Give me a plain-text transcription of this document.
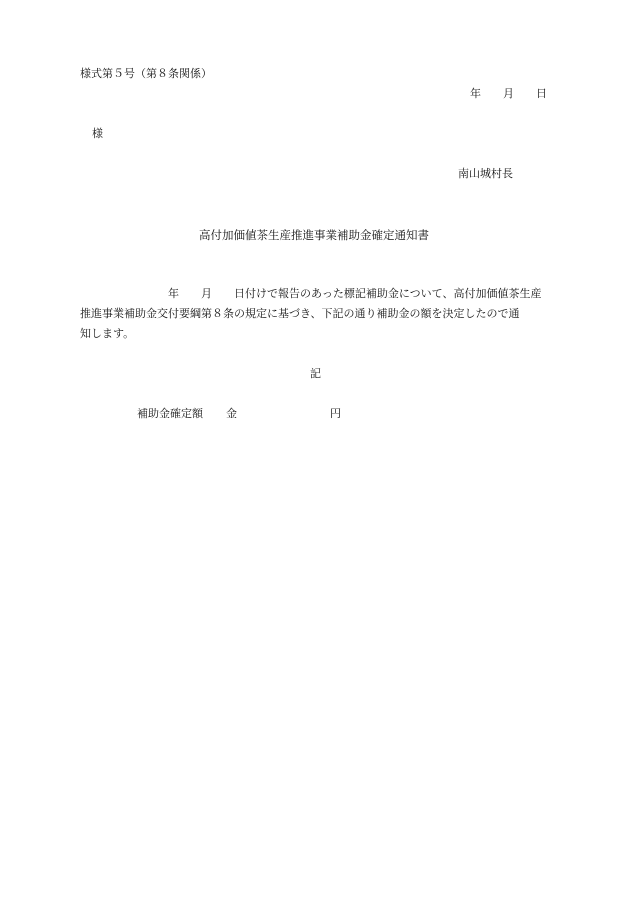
様式第５号（第８条関係）
年　　月　　日
様
南山城村長
高付加価値茶生産推進事業補助金確定通知書
　　　　　　　　年　　月　　日付けで報告のあった標記補助金について、高付加価値茶生産
推進事業補助金交付要綱第８条の規定に基づき、下記の通り補助金の額を決定したので通
知します。
記
補助金確定額 金	円
